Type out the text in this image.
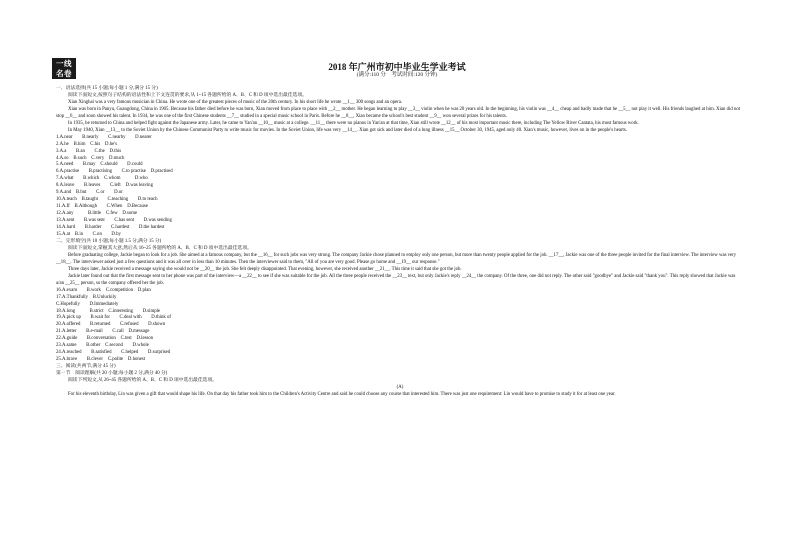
一线
名卷
2018 年广州市初中毕业生学业考试
(满分:110 分　考试时间:120 分钟)

一、语法选择(共 15 小题;每小题 1 分,满分 15 分)

阅读下面短文,按照句子结构的语法性和上下文连贯的要求,从 1~15 各题所给的 A、B、C 和 D 项中选出最佳选项。

Xian Xinghai was a very famous musician in China. He wrote one of the greatest pieces of music of the 20th century. In his short life he wrote __1__ 300 songs and an opera.

Xian was born in Panyu, Guangdong, China in 1905. Because his father died before he was born, Xian moved from place to place with __2__ mother. He began learning to play __3__ violin when he was 20 years old. In the beginning, his violin was __4__ cheap and badly made that he __5__ not play it well. His friends laughed at him. Xian did not stop __6__ and soon showed his talent. In 1934, he was one of the first Chinese students __7__ studied in a special music school in Paris. Before he __8__, Xian became the school's best student __9__ won several prizes for his talents.

In 1935, he returned to China and helped fight against the Japanese army. Later, he came to Yan'an __10__ music at a college. __11__ there were no pianos in Yan'an at that time, Xian still wrote __12__ of his most important music there, including The Yellow River Cantata, his most famous work.

In May 1940, Xian __13__ to the Soviet Union by the Chinese Communist Party to write music for movies. In the Soviet Union, life was very __14__. Xian got sick and later died of a lung illness __15__ October 30, 1945, aged only 40. Xian's music, however, lives on in the people's hearts.

1.A.near　　B.nearly　　C.nearby　　D.nearer

2.A.he　B.him　C.his　D.he's

3.A.a　　B.an　　C.the　D.this

4.A.so　B.such　C.very　D.much

5.A.need　　B.may　C.should　　D.could

6.A.practise　　B.practising　　C.to practise　D.practised

7.A.what　　B.which　C.whom　　　D.who

8.A.leave　　B.leaves　　C.left　D.was leaving

9.A.and　B.but　　C.or　　D.or

10.A.teach　B.taught　　C.teaching　　D.to teach

11.A.If　B.Although　　C.When　D.Because

12.A.any　　　B.little　C.few　D.some

13.A.sent　　B.was sent　　C.has sent　　D.was sending

14.A.hard　　B.harder　　C.hardest　　D.the hardest

15.A.at　B.in　　C.on　　D.by

二、完形填空(共 10 小题;每小题 1.5 分,满分 15 分)

阅读下面短文,掌握其大意,然后从 16~25 各题所给的 A、B、C 和 D 项中选出最佳选项。

Before graduating college, Jackie began to look for a job. She aimed at a famous company, but the __16__ for such jobs was very strong. The company Jackie chose planned to employ only one person, but more than twenty people applied for the job. __17__, Jackie was one of the three people invited for the final interview. The interview was very __18__. The interviewer asked just a few questions and it was all over in less than 10 minutes. Then the interviewer said to them, "All of you are very good. Please go home and __19__ our response."

Three days later, Jackie received a message saying she would not be __20__ the job. She felt deeply disappointed. That evening, however, she received another __21__. This time it said that she got the job.

Jackie later found out that the first message sent to her phone was part of the interview—a __22__ to see if she was suitable for the job. All the three people received the __23__ text, but only Jackie's reply __24__ the company. Of the three, one did not reply. The other said "goodbye" and Jackie said "thank you". This reply showed that Jackie was a/an __25__ person, so the company offered her the job.

16.A.exam　　B.work　C.competition　D.plan

17.A.Thankfully　B.Unluckily

C.Hopefully　　D.Immediately

18.A.long　　　B.strict　C.interesting　　D.simple

19.A.pick up　　B.wait for　　C.deal with　　D.think of

20.A.offered　　B.returned　　C.refused　　D.shown

21.A.letter　　B.e-mail　　C.call　D.message

22.A.guide　　B.conversation　C.test　D.lesson

23.A.same　　B.other　C.second　　D.whole

24.A.reached　　B.satisfied　　C.helped　　D.surprised

25.A.brave　　B.clever　C.polite　D.honest

三、阅读(共两节,满分 45 分)

第一节　阅读理解(共 20 小题;每小题 2 分,满分 40 分)

阅读下列短文,从 26~45 各题所给的 A、B、C 和 D 项中选出最佳选项。

(A)

For his eleventh birthday, Lin was given a gift that would shape his life. On that day his father took him to the Children's Activity Centre and said he could choose any course that interested him. There was just one requirement: Lin would have to promise to study it for at least one year.
